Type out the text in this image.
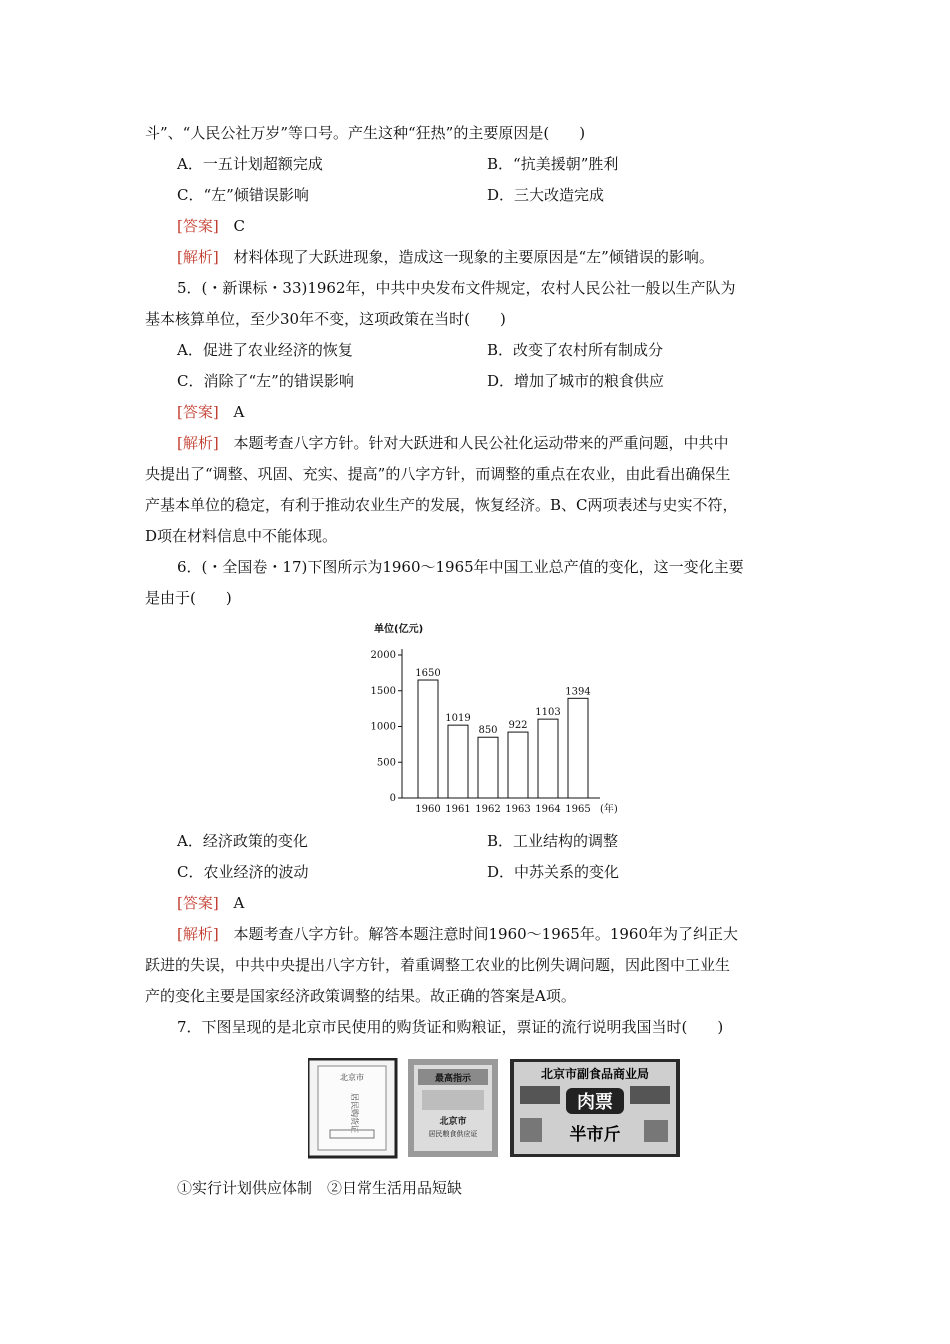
斗”、“人民公社万岁”等口号。产生这种“狂热”的主要原因是(　　)
A．一五计划超额完成	B．“抗美援朝”胜利
C．“左”倾错误影响	D．三大改造完成
[答案] C
[解析] 材料体现了大跃进现象，造成这一现象的主要原因是“左”倾错误的影响。
5．(・新课标・33)1962年，中共中央发布文件规定，农村人民公社一般以生产队为
基本核算单位，至少30年不变，这项政策在当时(　　)
A．促进了农业经济的恢复	B．改变了农村所有制成分
C．消除了“左”的错误影响	D．增加了城市的粮食供应
[答案] A
[解析] 本题考查八字方针。针对大跃进和人民公社化运动带来的严重问题，中共中
央提出了“调整、巩固、充实、提高”的八字方针，而调整的重点在农业，由此看出确保生
产基本单位的稳定，有利于推动农业生产的发展，恢复经济。B、C两项表述与史实不符，
D项在材料信息中不能体现。
6．(・全国卷・17)下图所示为1960～1965年中国工业总产值的变化，这一变化主要
是由于(　　)
单位(亿元)
0
500
1000
1500
2000
1650
1960
1019
1961
850
1962
922
1963
1103
1964
1394
1965 (年)
A．经济政策的变化	B．工业结构的调整
C．农业经济的波动	D．中苏关系的变化
[答案] A
[解析] 本题考查八字方针。解答本题注意时间1960～1965年。1960年为了纠正大
跃进的失误，中共中央提出八字方针，着重调整工农业的比例失调问题，因此图中工业生
产的变化主要是国家经济政策调整的结果。故正确的答案是A项。
7．下图呈现的是北京市民使用的购货证和购粮证，票证的流行说明我国当时(　　)
北京市
居民购货证
最高指示
北京市
居民粮食供应证
北京市副食品商业局
肉票
半市斤
①实行计划供应体制　②日常生活用品短缺
